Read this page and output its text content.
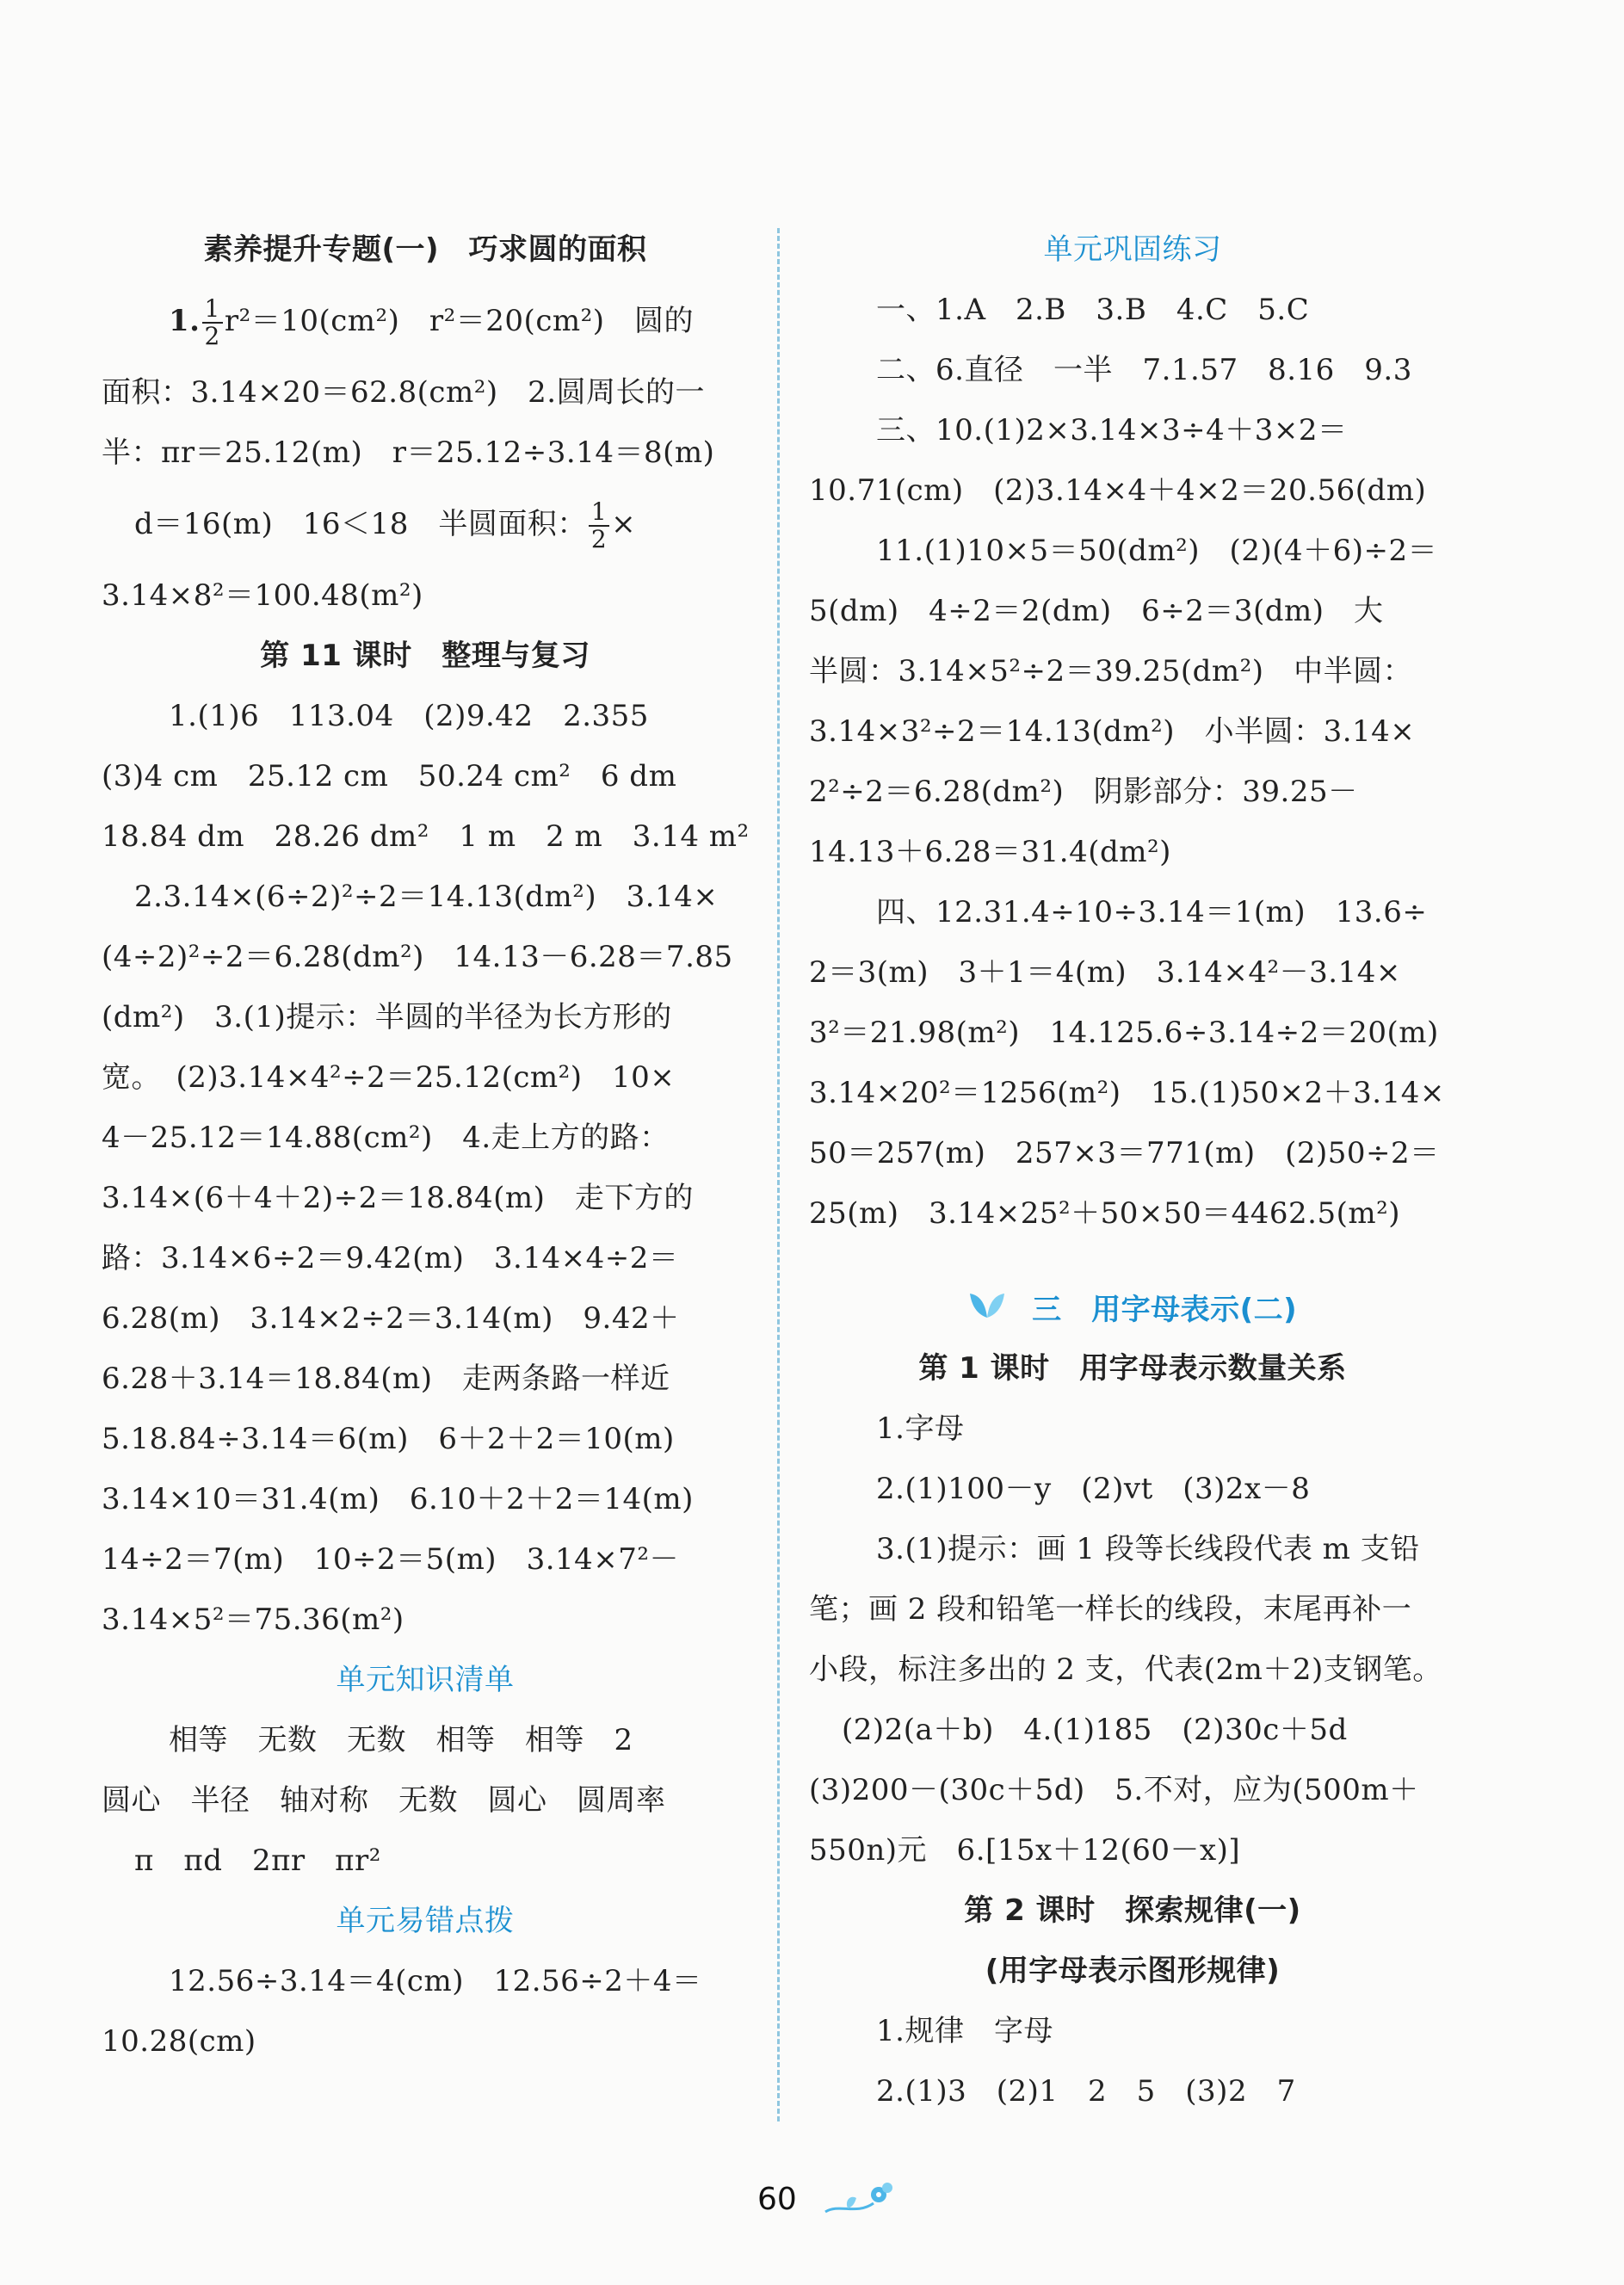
素养提升专题(一)　巧求圆的面积
1. $\frac{1}{2} r^2=10(cm^2)$　r²＝20(cm²)　圆的
面积：3.14×20＝62.8(cm²)　2.圆周长的一
半：πr＝25.12(m)　r＝25.12÷3.14＝8(m)
d＝16(m)　16＜18　半圆面积： $\frac{1}{2}$ ×
3.14×8²＝100.48(m²)
第 11 课时　整理与复习
1.(1)6　113.04　(2)9.42　2.355
(3)4 cm　25.12 cm　50.24 cm²　6 dm
18.84 dm　28.26 dm²　1 m　2 m　3.14 m²
2.3.14×(6÷2)²÷2＝14.13(dm²)　3.14×
(4÷2)²÷2＝6.28(dm²)　14.13－6.28＝7.85
(dm²)　3.(1)提示：半圆的半径为长方形的
宽。　(2)3.14×4²÷2＝25.12(cm²)　10×
4－25.12＝14.88(cm²)　4.走上方的路：
3.14×(6＋4＋2)÷2＝18.84(m)　走下方的
路：3.14×6÷2＝9.42(m)　3.14×4÷2＝
6.28(m)　3.14×2÷2＝3.14(m)　9.42＋
6.28＋3.14＝18.84(m)　走两条路一样近
5.18.84÷3.14＝6(m)　6＋2＋2＝10(m)
3.14×10＝31.4(m)　6.10＋2＋2＝14(m)
14÷2＝7(m)　10÷2＝5(m)　3.14×7²－
3.14×5²＝75.36(m²)
单元知识清单
相等　无数　无数　相等　相等　2
圆心　半径　轴对称　无数　圆心　圆周率
π　πd　2πr　πr²
单元易错点拨
12.56÷3.14＝4(cm)　12.56÷2＋4＝
10.28(cm)
单元巩固练习
一、1.A　2.B　3.B　4.C　5.C
二、6.直径　一半　7.1.57　8.16　9.3
三、10.(1)2×3.14×3÷4＋3×2＝
10.71(cm)　(2)3.14×4＋4×2＝20.56(dm)
11.(1)10×5＝50(dm²)　(2)(4＋6)÷2＝
5(dm)　4÷2＝2(dm)　6÷2＝3(dm)　大
半圆：3.14×5²÷2＝39.25(dm²)　中半圆：
3.14×3²÷2＝14.13(dm²)　小半圆：3.14×
2²÷2＝6.28(dm²)　阴影部分：39.25－
14.13＋6.28＝31.4(dm²)
四、12.31.4÷10÷3.14＝1(m)　13.6÷
2＝3(m)　3＋1＝4(m)　3.14×4²－3.14×
3²＝21.98(m²)　14.125.6÷3.14÷2＝20(m)
3.14×20²＝1256(m²)　15.(1)50×2＋3.14×
50＝257(m)　257×3＝771(m)　(2)50÷2＝
25(m)　3.14×25²＋50×50＝4462.5(m²)
三　用字母表示(二)
第 1 课时　用字母表示数量关系
1.字母
2.(1)100－y　(2)vt　(3)2x－8
3.(1)提示：画 1 段等长线段代表 m 支铅
笔；画 2 段和铅笔一样长的线段，末尾再补一
小段，标注多出的 2 支，代表(2m＋2)支钢笔。
(2)2(a＋b)　4.(1)185　(2)30c＋5d
(3)200－(30c＋5d)　5.不对，应为(500m＋
550n)元　6.[15x＋12(60－x)]
第 2 课时　探索规律(一)
(用字母表示图形规律)
1.规律　字母
2.(1)3　(2)1　2　5　(3)2　7
60
